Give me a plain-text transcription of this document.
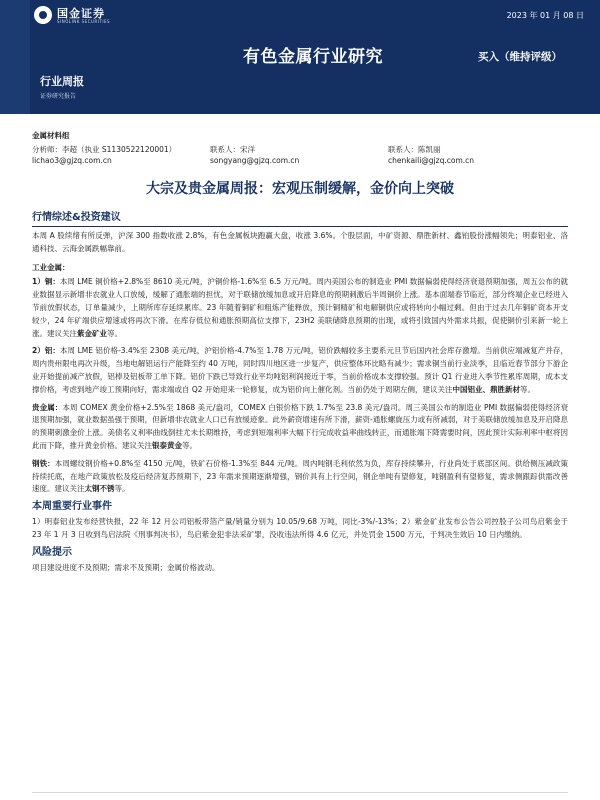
国金证券
SINOLINK SECURITIES
2023 年 01 月 08 日
有色金属行业研究	买入（维持评级）
行业周报
证券研究报告
金属材料组
分析师：李超（执业 S1130522120001）	联系人：宋洋	联系人：陈凯丽
lichao3@gjzq.com.cn	songyang@gjzq.com.cn	chenkaili@gjzq.com.cn
大宗及贵金属周报：宏观压制缓解，金价向上突破
行情综述&投资建议

本周 A 股续绪有所反弹，沪深 300 指数收涨 2.8%，有色金属板块跑赢大盘，收涨 3.6%。个股层面，中矿资源、鼎胜新材、鑫铂股份涨幅领先；明泰铝业、洛通科技、云海金属跌幅靠前。

工业金属：

1）铜：本周 LME 铜价格+2.8%至 8610 美元/吨，沪铜价格-1.6%至 6.5 万元/吨。周内美国公布的制造业 PMI 数据偏弱使得经济衰退预期加强，周五公布的就业数据显示新增非农就业人口放缓，缓解了通胀端的担忧，对于联储放缓加息或开启降息的预期刺激后半周铜价上涨。基本面端春节临近，部分终端企业已经进入节前放假状态，订单量减少，上期所库存延续累库。23 年随着铜矿和粗炼产能释放，预计铜精矿和电解铜供应或将转向小幅过剩。但由于过去几年铜矿资本开支较少，24 年矿端供应增速或将再次下滑。在库存低位和通胀预期高位支撑下，23H2 美联储降息预期的出现，或将引致国内外需求共振，促使铜价引来新一轮上涨。建议关注紫金矿业等。

2）铝：本周 LME 铝价格-3.4%至 2308 美元/吨，沪铝价格-4.7%至 1.78 万元/吨，铝价跌幅较多主要系元旦节后国内社会库存激增。当前供应端减复产并存，周内贵州限电再次升级，当地电解铝运行产能降至约 40 万吨，同时四川地区进一步复产，供应整体环比略有减少；需求铜当前行业淡季，且临近春节部分下游企业开始提前减产放假，铝棒及铝板带工单下降。铝价下跌已导致行业平均吨铝利润接近于零，当前价格成本支撑较强。预计 Q1 行业进入季节性累库周期，成本支撑价格，考虑到地产竣工预期向好，需求端或自 Q2 开始迎来一轮修复，成为铝价向上催化剂。当前仍处于周期左侧，建议关注中国铝业、鼎胜新材等。

贵金属：本周 COMEX 黄金价格+2.5%至 1868 美元/盎司，COMEX 白银价格下跌 1.7%至 23.8 美元/盎司。周三美国公布的制造业 PMI 数据偏弱使得经济衰退预期加强，就业数据虽强于预期，但新增非农就业人口已有放缓迹象。此外薪资增速有所下滑，薪资-通胀螺旋压力或有所减弱，对于美联储放缓加息及开启降息的预期刺激金价上涨。美债名义利率曲线倒挂尤未长期维持，考虑到短端利率大幅下行完成收益率曲线转正，而通胀端下降需要时间，因此预计实际利率中枢将因此而下降，推升黄金价格。建议关注银泰黄金等。

钢铁：本周螺纹钢价格+0.8%至 4150 元/吨，铁矿石价格-1.3%至 844 元/吨。周内吨钢毛利依然为负，库存持续攀升，行业尚处于底部区间。供给侧压减政策持续托底，在地产政策放松及疫后经济复苏预期下，23 年需求预期逐渐增强，钢价具有上行空间，钢企单吨有望修复，吨钢盈利有望修复，需求侧跟踪供需改善速度。建议关注太钢不锈等。

本周重要行业事件

1）明泰铝业发布经营快报，22 年 12 月公司铝板带箔产量/销量分别为 10.05/9.68 万吨，同比-3%/-13%；2）紫金矿业发布公告公司控股子公司鸟启紫金于 23 年 1 月 3 日收到鸟启法院《刑事判决书》，鸟启紫金犯非法采矿罪，没收违法所得 4.6 亿元，并处罚金 1500 万元，于判决生效后 10 日内缴纳。

风险提示

项目建设进度不及预期；需求不及预期；金属价格波动。
